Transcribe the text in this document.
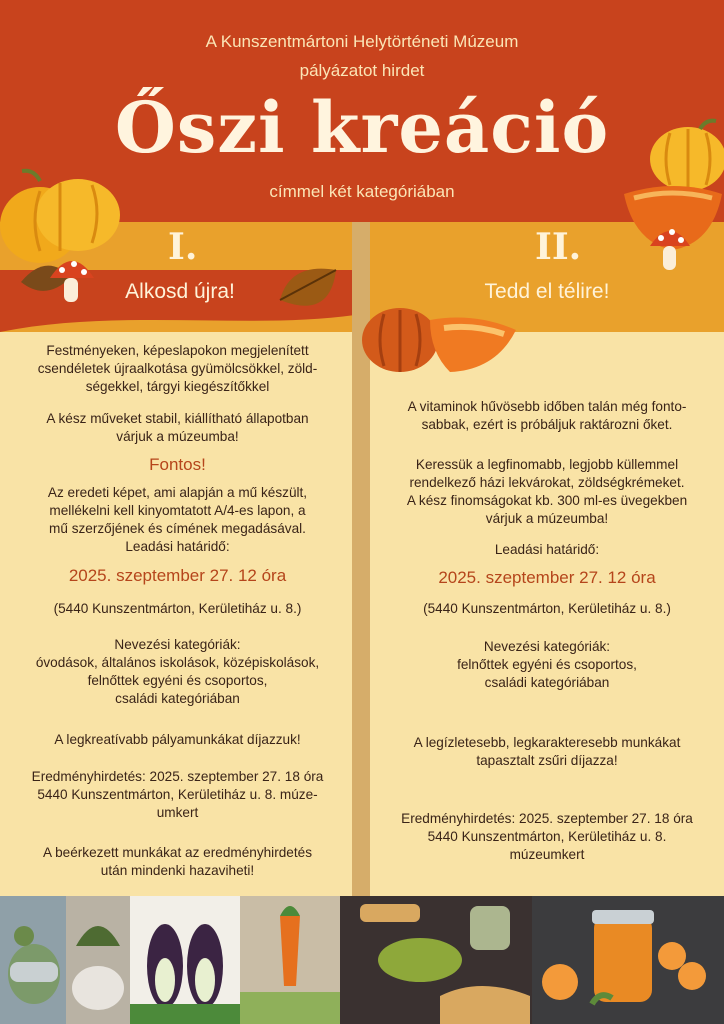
A Kunszentmártoni Helytörténeti Múzeum
pályázatot hirdet
Őszi kreáció
címmel két kategóriában
I.
Alkosd újra!
II.
Tedd el télire!
Festményeken, képeslapokon megjelenített
csendéletek újraalkotása gyümölcsökkel, zöld-
ségekkel, tárgyi kiegészítőkkel
A kész műveket stabil, kiállítható állapotban
várjuk a múzeumba!
Fontos!
Az eredeti képet, ami alapján a mű készült,
mellékelni kell kinyomtatott A/4-es lapon, a
mű szerzőjének és címének megadásával.
Leadási határidő:
2025. szeptember 27. 12 óra
(5440 Kunszentmárton, Kerületiház u. 8.)
Nevezési kategóriák:
óvodások, általános iskolások, középiskolások,
felnőttek egyéni és csoportos,
családi kategóriában
A legkreatívabb pályamunkákat díjazzuk!
Eredményhirdetés: 2025. szeptember 27. 18 óra
5440 Kunszentmárton, Kerületiház u. 8. múze-
umkert
A beérkezett munkákat az eredményhirdetés
után mindenki hazaviheti!
A vitaminok hűvösebb időben talán még fonto-
sabbak, ezért is próbáljuk raktározni őket.
Keressük a legfinomabb, legjobb küllemmel
rendelkező házi lekvárokat, zöldségkrémeket.
A kész finomságokat kb. 300 ml-es üvegekben
várjuk a múzeumba!
Leadási határidő:
2025. szeptember 27. 12 óra
(5440 Kunszentmárton, Kerületiház u. 8.)
Nevezési kategóriák:
felnőttek egyéni és csoportos,
családi kategóriában
A legízletesebb, legkarakteresebb munkákat
tapasztalt zsűri díjazza!
Eredményhirdetés: 2025. szeptember 27. 18 óra
5440 Kunszentmárton, Kerületiház u. 8.
múzeumkert
